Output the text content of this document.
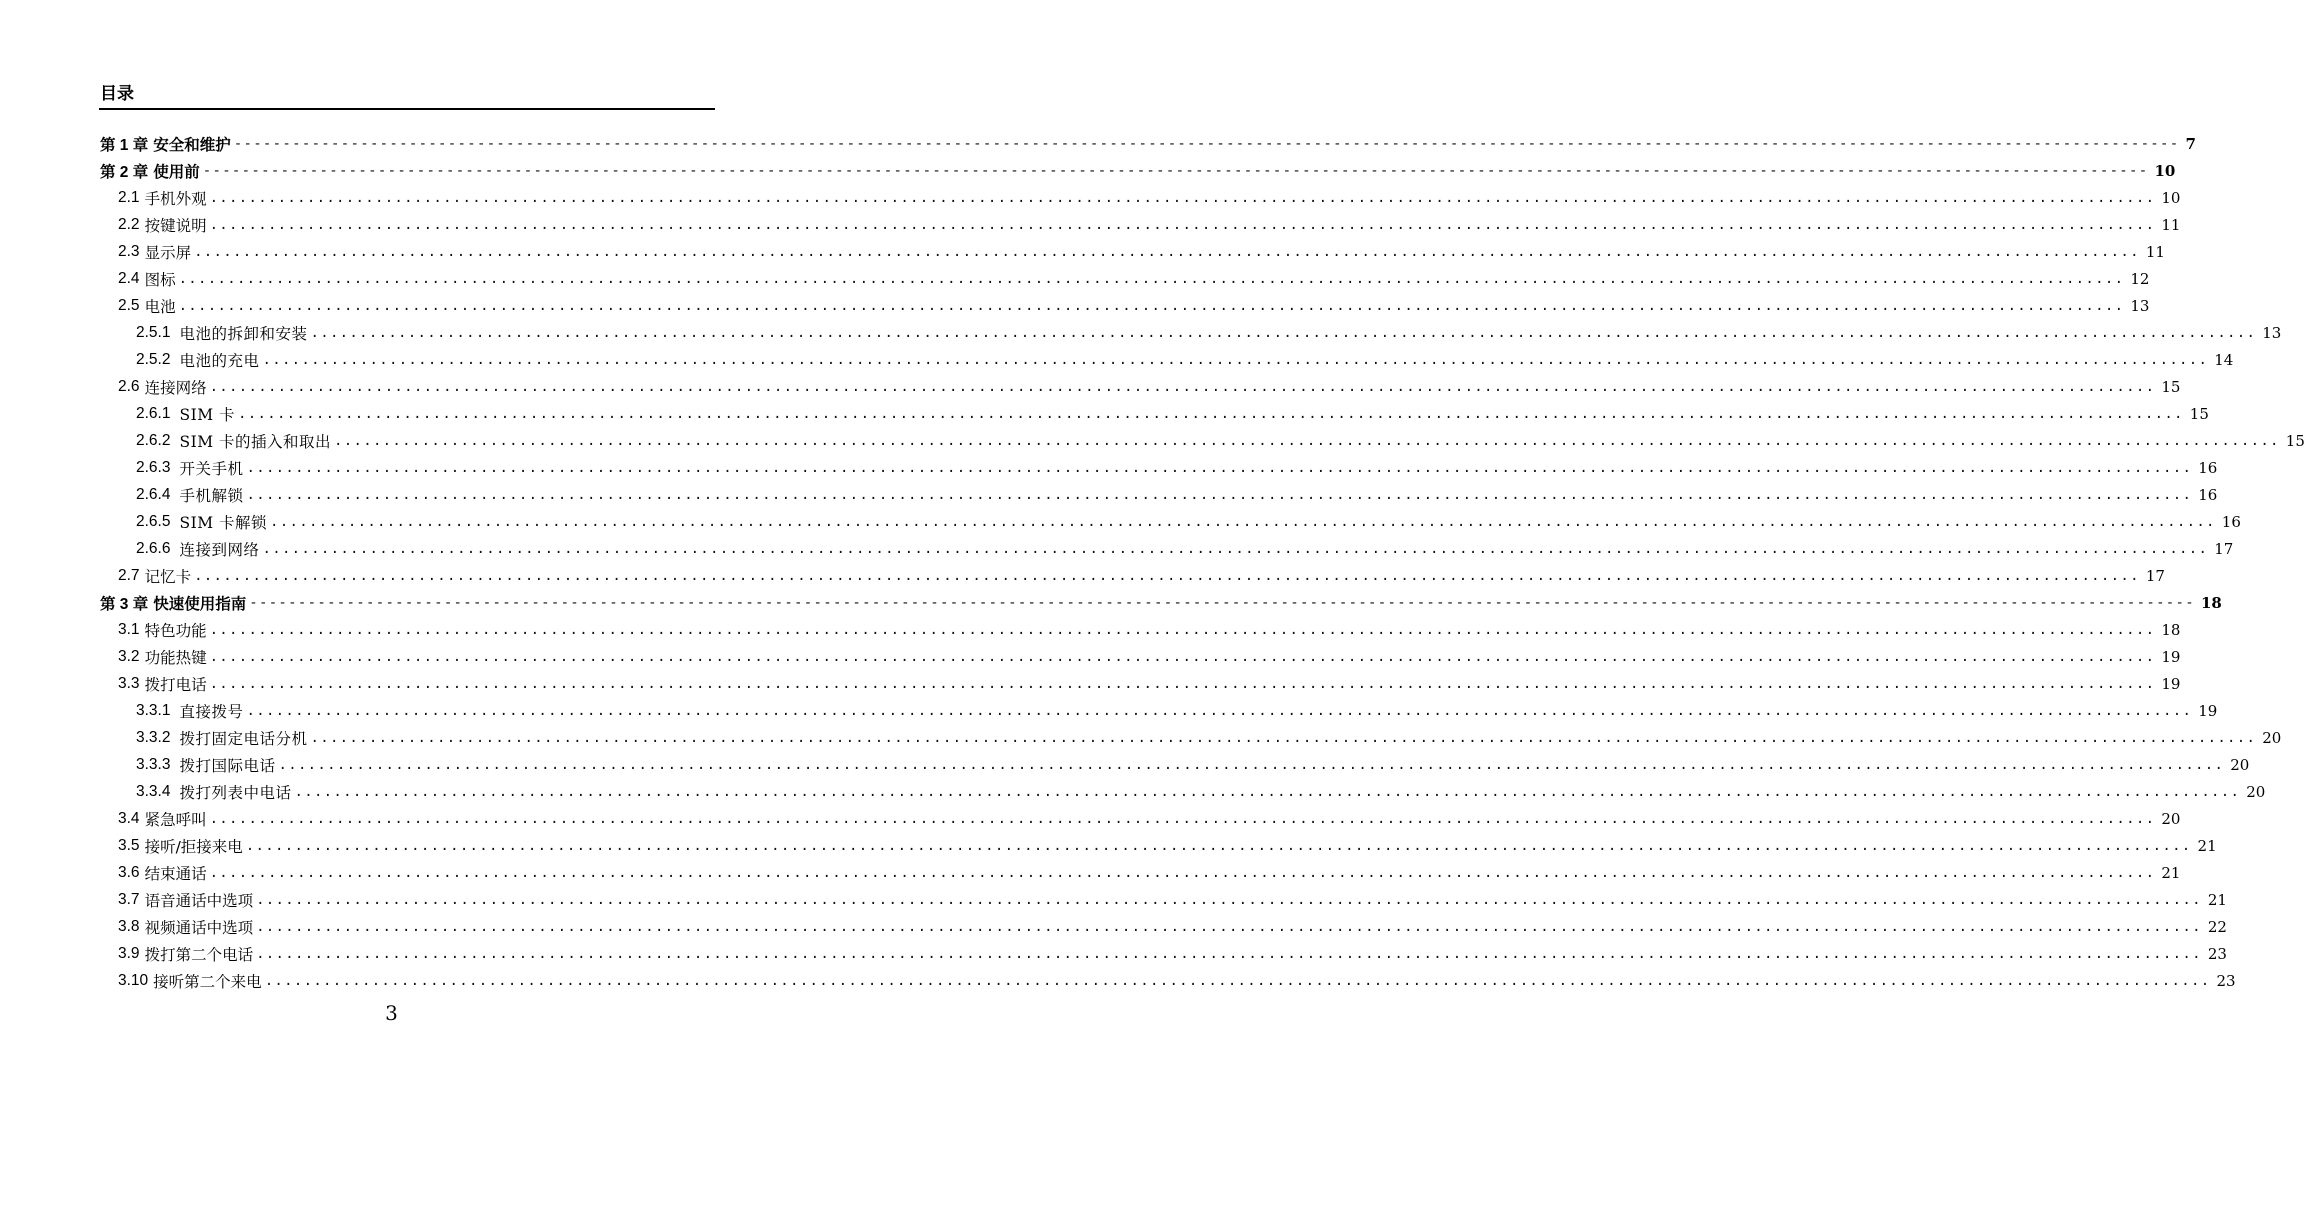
目录
第 1 章 安全和维护 -------------------------------------------------------------------------------------------------------------------------------------------------------------------------------------------------------- 7
第 2 章 使用前 -------------------------------------------------------------------------------------------------------------------------------------------------------------------------------------------------------- 10
2.1 手机外观 ........................................................................................................................................................................................................ 10
2.2 按键说明 ........................................................................................................................................................................................................ 11
2.3 显示屏 ........................................................................................................................................................................................................ 11
2.4 图标 ........................................................................................................................................................................................................ 12
2.5 电池 ........................................................................................................................................................................................................ 13
2.5.1 电池的拆卸和安装 ........................................................................................................................................................................................................ 13
2.5.2 电池的充电 ........................................................................................................................................................................................................ 14
2.6 连接网络 ........................................................................................................................................................................................................ 15
2.6.1 SIM 卡 ........................................................................................................................................................................................................ 15
2.6.2 SIM 卡的插入和取出 ........................................................................................................................................................................................................ 15
2.6.3 开关手机 ........................................................................................................................................................................................................ 16
2.6.4 手机解锁 ........................................................................................................................................................................................................ 16
2.6.5 SIM 卡解锁 ........................................................................................................................................................................................................ 16
2.6.6 连接到网络 ........................................................................................................................................................................................................ 17
2.7 记忆卡 ........................................................................................................................................................................................................ 17
第 3 章 快速使用指南 -------------------------------------------------------------------------------------------------------------------------------------------------------------------------------------------------------- 18
3.1 特色功能 ........................................................................................................................................................................................................ 18
3.2 功能热键 ........................................................................................................................................................................................................ 19
3.3 拨打电话 ........................................................................................................................................................................................................ 19
3.3.1 直接拨号 ........................................................................................................................................................................................................ 19
3.3.2 拨打固定电话分机 ........................................................................................................................................................................................................ 20
3.3.3 拨打国际电话 ........................................................................................................................................................................................................ 20
3.3.4 拨打列表中电话 ........................................................................................................................................................................................................ 20
3.4 紧急呼叫 ........................................................................................................................................................................................................ 20
3.5 接听/拒接来电 ........................................................................................................................................................................................................ 21
3.6 结束通话 ........................................................................................................................................................................................................ 21
3.7 语音通话中选项 ........................................................................................................................................................................................................ 21
3.8 视频通话中选项 ........................................................................................................................................................................................................ 22
3.9 拨打第二个电话 ........................................................................................................................................................................................................ 23
3.10 接听第二个来电 ........................................................................................................................................................................................................ 23
3
